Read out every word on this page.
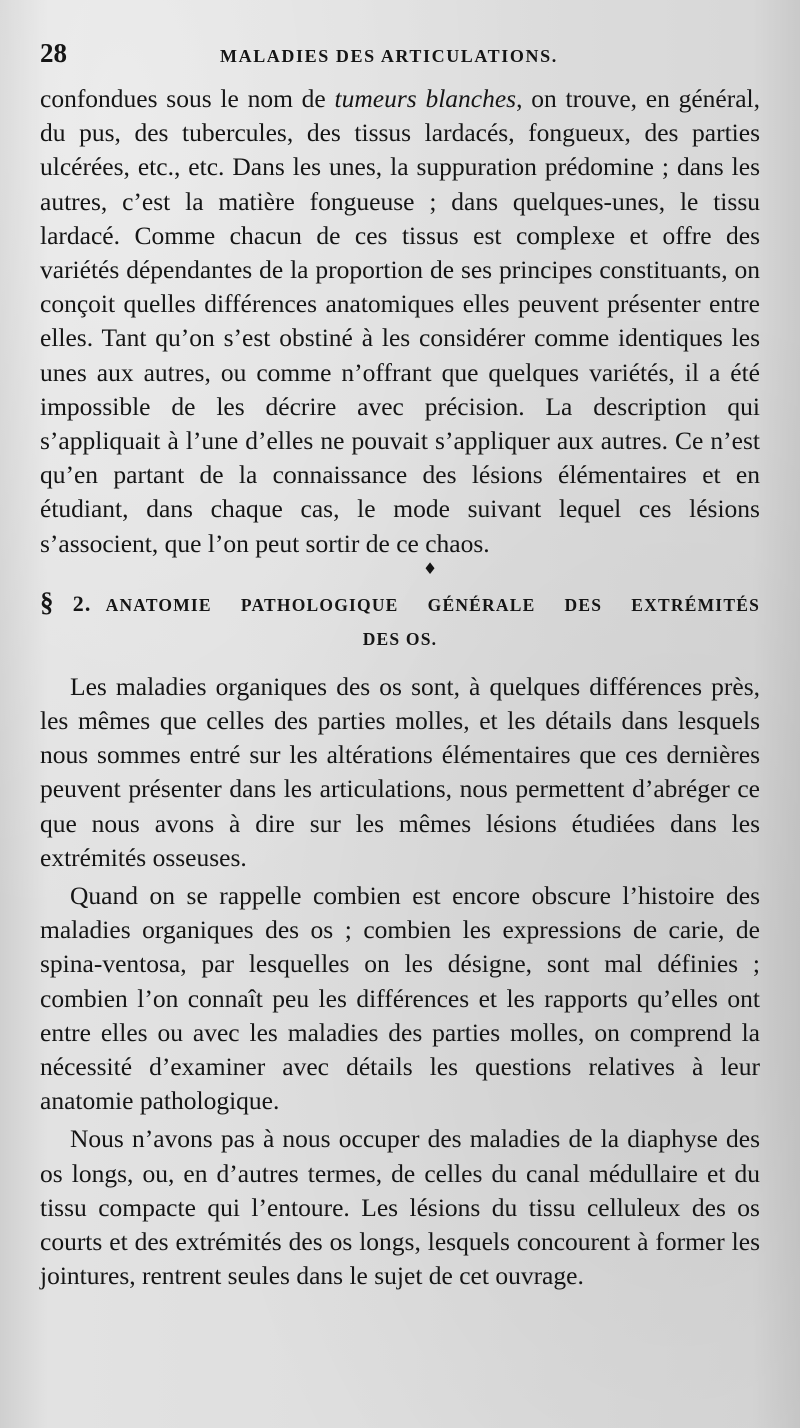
28	MALADIES DES ARTICULATIONS.

confondues sous le nom de tumeurs blanches, on trouve, en général, du pus, des tubercules, des tissus lardacés, fongueux, des parties ulcérées, etc., etc. Dans les unes, la suppuration prédomine ; dans les autres, c’est la matière fongueuse ; dans quelques-unes, le tissu lardacé. Comme chacun de ces tissus est complexe et offre des variétés dépendantes de la proportion de ses principes constituants, on conçoit quelles différences anatomiques elles peuvent présenter entre elles. Tant qu’on s’est obstiné à les considérer comme identiques les unes aux autres, ou comme n’offrant que quelques variétés, il a été impossible de les décrire avec précision. La description qui s’appliquait à l’une d’elles ne pouvait s’appliquer aux autres. Ce n’est qu’en partant de la connaissance des lésions élémentaires et en étudiant, dans chaque cas, le mode suivant lequel ces lésions s’associent, que l’on peut sortir de ce chaos.

♦
§ 2. ANATOMIE PATHOLOGIQUE GÉNÉRALE DES EXTRÉMITÉS
DES OS.

Les maladies organiques des os sont, à quelques différences près, les mêmes que celles des parties molles, et les détails dans lesquels nous sommes entré sur les altérations élémentaires que ces dernières peuvent présenter dans les articulations, nous permettent d’abréger ce que nous avons à dire sur les mêmes lésions étudiées dans les extrémités osseuses.

Quand on se rappelle combien est encore obscure l’histoire des maladies organiques des os ; combien les expressions de carie, de spina-ventosa, par lesquelles on les désigne, sont mal définies ; combien l’on connaît peu les différences et les rapports qu’elles ont entre elles ou avec les maladies des parties molles, on comprend la nécessité d’examiner avec détails les questions relatives à leur anatomie pathologique.

Nous n’avons pas à nous occuper des maladies de la diaphyse des os longs, ou, en d’autres termes, de celles du canal médullaire et du tissu compacte qui l’entoure. Les lésions du tissu celluleux des os courts et des extrémités des os longs, lesquels concourent à former les jointures, rentrent seules dans le sujet de cet ouvrage.
